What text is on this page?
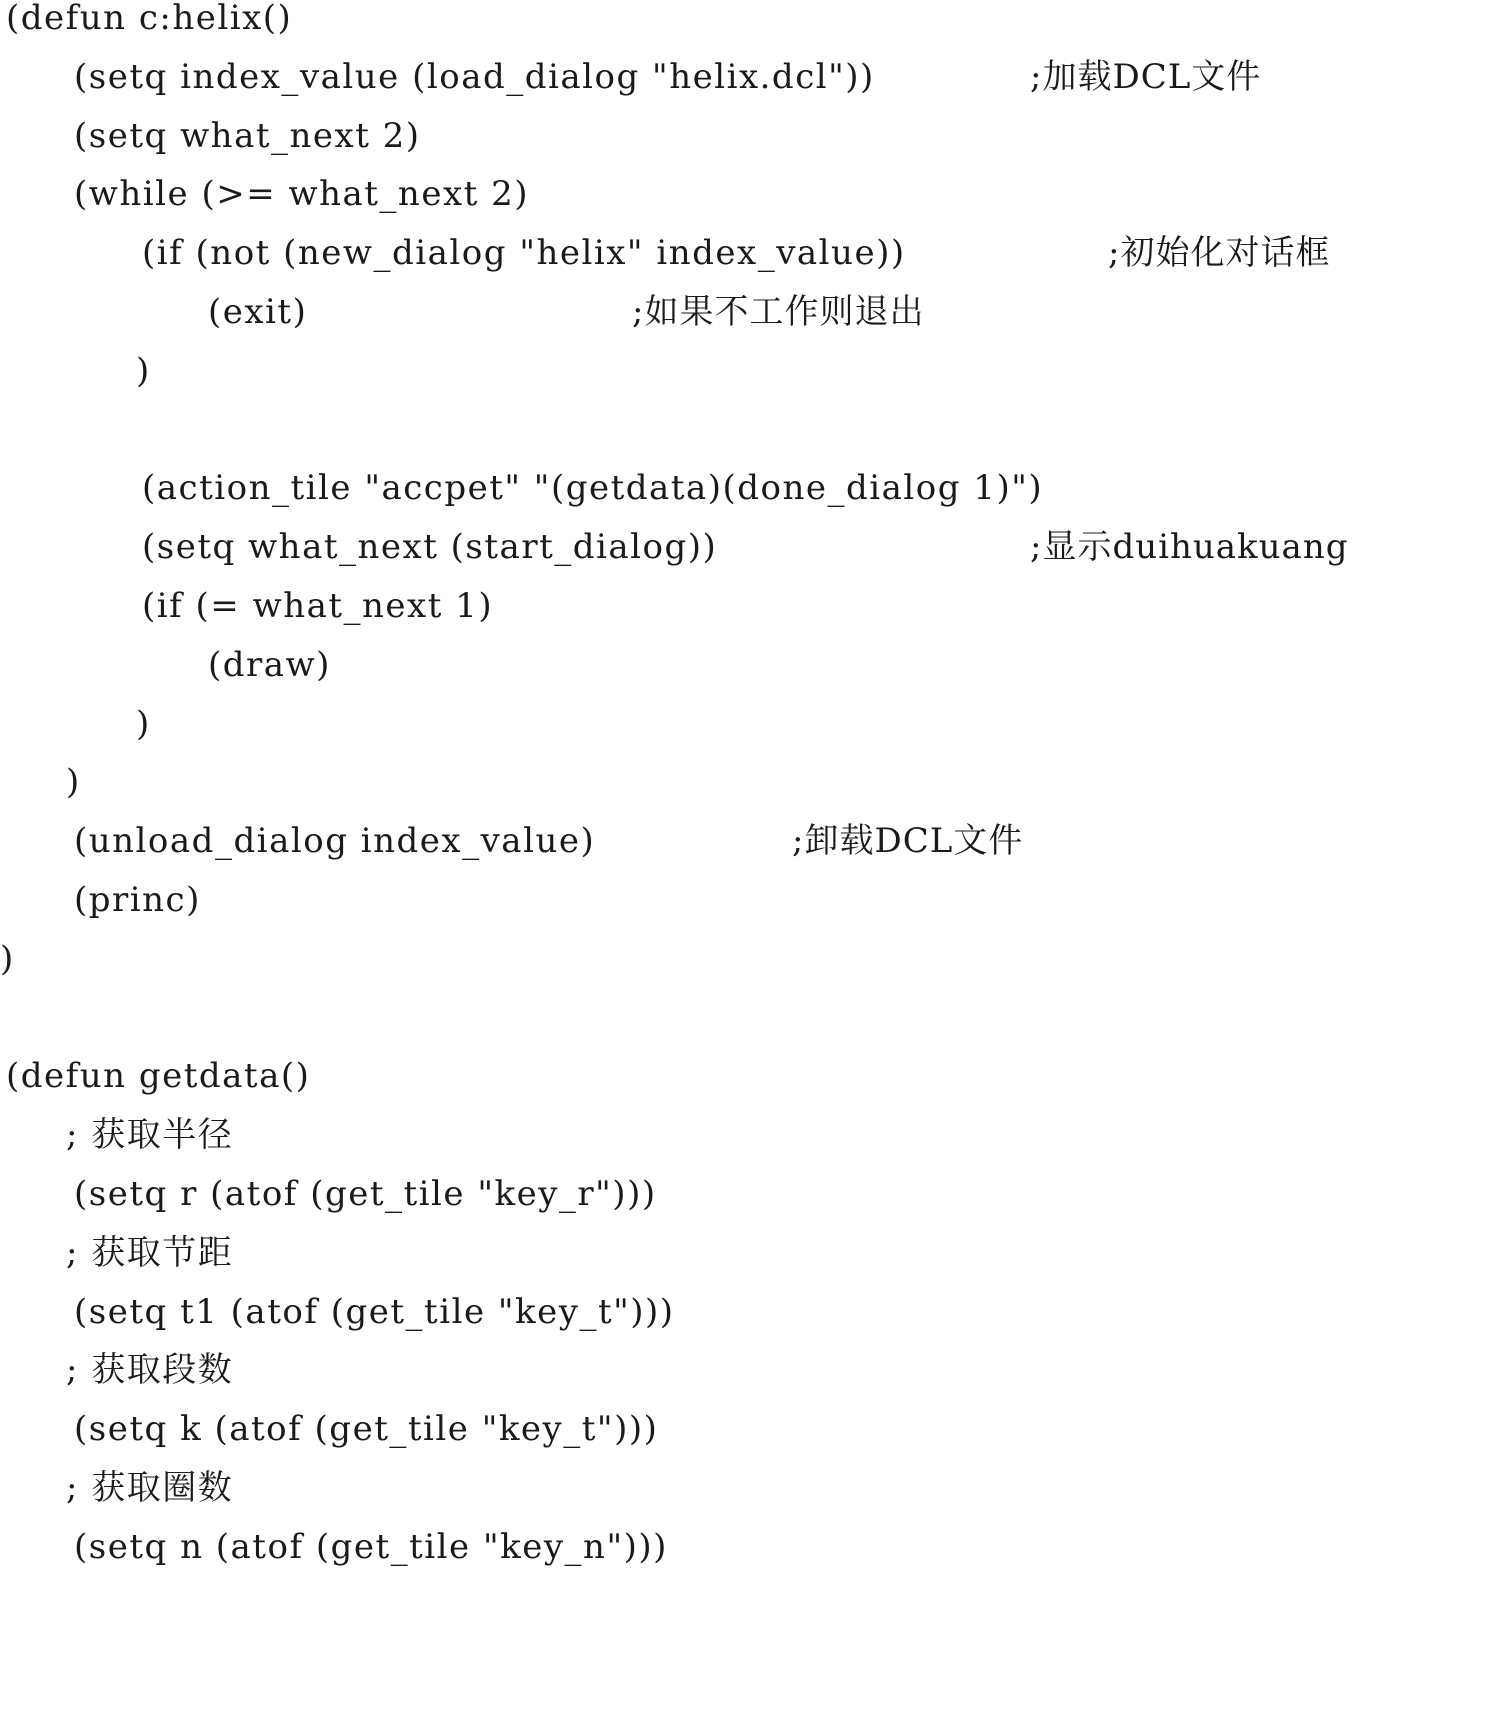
(defun c:helix()
(setq index_value (load_dialog "helix.dcl"))	;加载DCL文件
(setq what_next 2)
(while (>= what_next 2)
(if (not (new_dialog "helix" index_value))	;初始化对话框
(exit)	;如果不工作则退出
)
(action_tile "accpet" "(getdata)(done_dialog 1)")
(setq what_next (start_dialog))	;显示duihuakuang
(if (= what_next 1)
(draw)
)
)
(unload_dialog index_value)	;卸载DCL文件
(princ)
)
(defun getdata()
; 获取半径
(setq r (atof (get_tile "key_r")))
; 获取节距
(setq t1 (atof (get_tile "key_t")))
; 获取段数
(setq k (atof (get_tile "key_t")))
; 获取圈数
(setq n (atof (get_tile "key_n")))
